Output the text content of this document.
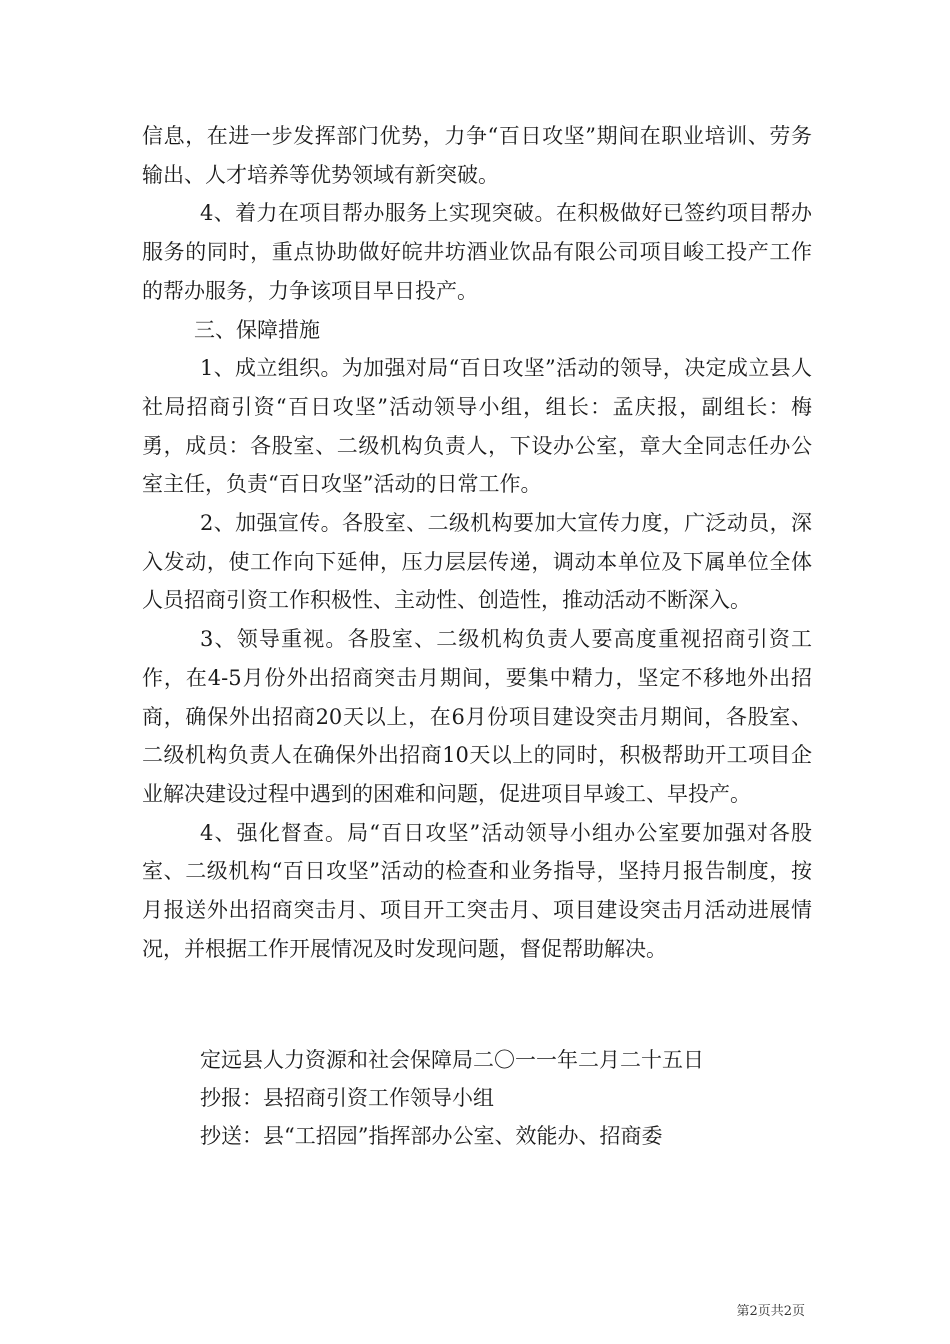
信息，在进一步发挥部门优势，力争“百日攻坚”期间在职业培训、劳务输出、人才培养等优势领域有新突破。

4、着力在项目帮办服务上实现突破。在积极做好已签约项目帮办服务的同时，重点协助做好皖井坊酒业饮品有限公司项目峻工投产工作的帮办服务，力争该项目早日投产。

三、保障措施

1、成立组织。为加强对局“百日攻坚”活动的领导，决定成立县人社局招商引资“百日攻坚”活动领导小组，组长：孟庆报，副组长：梅勇，成员：各股室、二级机构负责人，下设办公室，章大全同志任办公室主任，负责“百日攻坚”活动的日常工作。

2、加强宣传。各股室、二级机构要加大宣传力度，广泛动员，深入发动，使工作向下延伸，压力层层传递，调动本单位及下属单位全体人员招商引资工作积极性、主动性、创造性，推动活动不断深入。

3、领导重视。各股室、二级机构负责人要高度重视招商引资工作，在4-5月份外出招商突击月期间，要集中精力，坚定不移地外出招商，确保外出招商20天以上，在6月份项目建设突击月期间，各股室、二级机构负责人在确保外出招商10天以上的同时，积极帮助开工项目企业解决建设过程中遇到的困难和问题，促进项目早竣工、早投产。

4、强化督查。局“百日攻坚”活动领导小组办公室要加强对各股室、二级机构“百日攻坚”活动的检查和业务指导，坚持月报告制度，按月报送外出招商突击月、项目开工突击月、项目建设突击月活动进展情况，并根据工作开展情况及时发现问题，督促帮助解决。

定远县人力资源和社会保障局二〇一一年二月二十五日
抄报：县招商引资工作领导小组
抄送：县“工招园”指挥部办公室、效能办、招商委
第2页共2页
